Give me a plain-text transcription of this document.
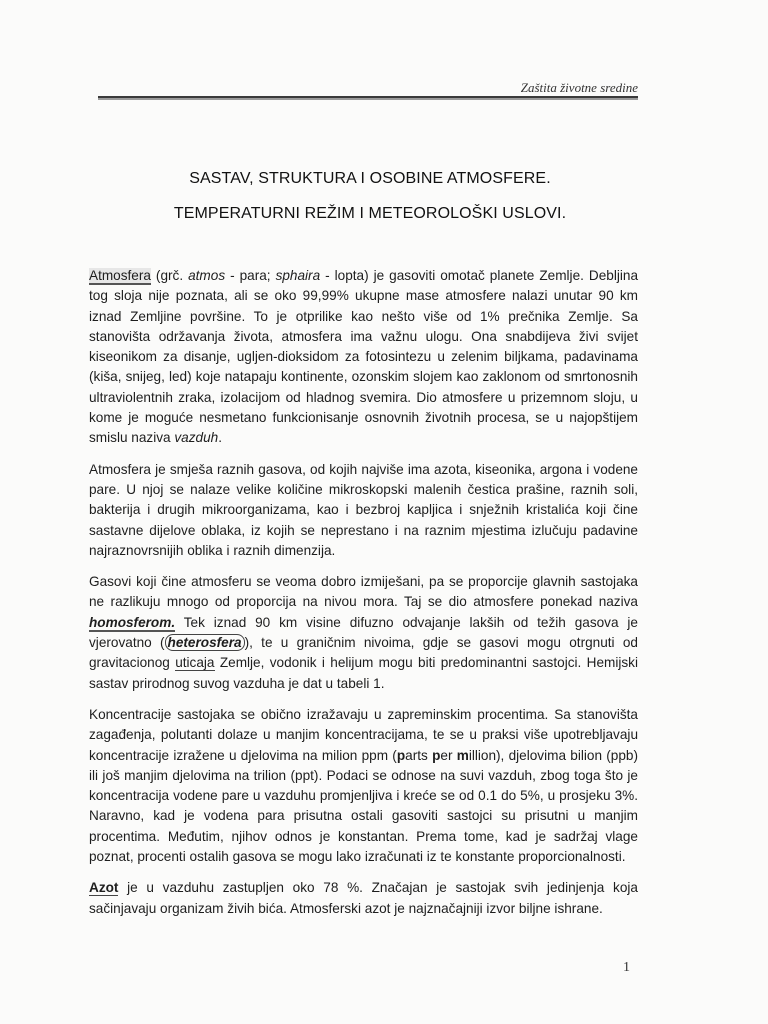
Zaštita životne sredine
SASTAV, STRUKTURA I OSOBINE ATMOSFERE.
TEMPERATURNI REŽIM I METEOROLOŠKI USLOVI.

Atmosfera (grč. atmos - para; sphaira - lopta) je gasoviti omotač planete Zemlje. Debljina tog sloja nije poznata, ali se oko 99,99% ukupne mase atmosfere nalazi unutar 90 km iznad Zemljine površine. To je otprilike kao nešto više od 1% prečnika Zemlje. Sa stanovišta održavanja života, atmosfera ima važnu ulogu. Ona snabdijeva živi svijet kiseonikom za disanje, ugljen-dioksidom za fotosintezu u zelenim biljkama, padavinama (kiša, snijeg, led) koje natapaju kontinente, ozonskim slojem kao zaklonom od smrtonosnih ultraviolentnih zraka, izolacijom od hladnog svemira. Dio atmosfere u prizemnom sloju, u kome je moguće nesmetano funkcionisanje osnovnih životnih procesa, se u najopštijem smislu naziva vazduh.

Atmosfera je smješa raznih gasova, od kojih najviše ima azota, kiseonika, argona i vodene pare. U njoj se nalaze velike količine mikroskopski malenih čestica prašine, raznih soli, bakterija i drugih mikroorganizama, kao i bezbroj kapljica i snježnih kristalića koji čine sastavne dijelove oblaka, iz kojih se neprestano i na raznim mjestima izlučuju padavine najraznovrsnijih oblika i raznih dimenzija.

Gasovi koji čine atmosferu se veoma dobro izmiješani, pa se proporcije glavnih sastojaka ne razlikuju mnogo od proporcija na nivou mora. Taj se dio atmosfere ponekad naziva homosferom. Tek iznad 90 km visine difuzno odvajanje lakših od težih gasova je vjerovatno ( heterosfera ), te u graničnim nivoima, gdje se gasovi mogu otrgnuti od gravitacionog uticaja Zemlje, vodonik i helijum mogu biti predominantni sastojci. Hemijski sastav prirodnog suvog vazduha je dat u tabeli 1.

Koncentracije sastojaka se obično izražavaju u zapreminskim procentima. Sa stanovišta zagađenja, polutanti dolaze u manjim koncentracijama, te se u praksi više upotrebljavaju koncentracije izražene u djelovima na milion ppm (parts per million), djelovima bilion (ppb) ili još manjim djelovima na trilion (ppt). Podaci se odnose na suvi vazduh, zbog toga što je koncentracija vodene pare u vazduhu promjenljiva i kreće se od 0.1 do 5%, u prosjeku 3%. Naravno, kad je vodena para prisutna ostali gasoviti sastojci su prisutni u manjim procentima. Međutim, njihov odnos je konstantan. Prema tome, kad je sadržaj vlage poznat, procenti ostalih gasova se mogu lako izračunati iz te konstante proporcionalnosti.

Azot je u vazduhu zastupljen oko 78 %. Značajan je sastojak svih jedinjenja koja sačinjavaju organizam živih bića. Atmosferski azot je najznačajniji izvor biljne ishrane.

1
